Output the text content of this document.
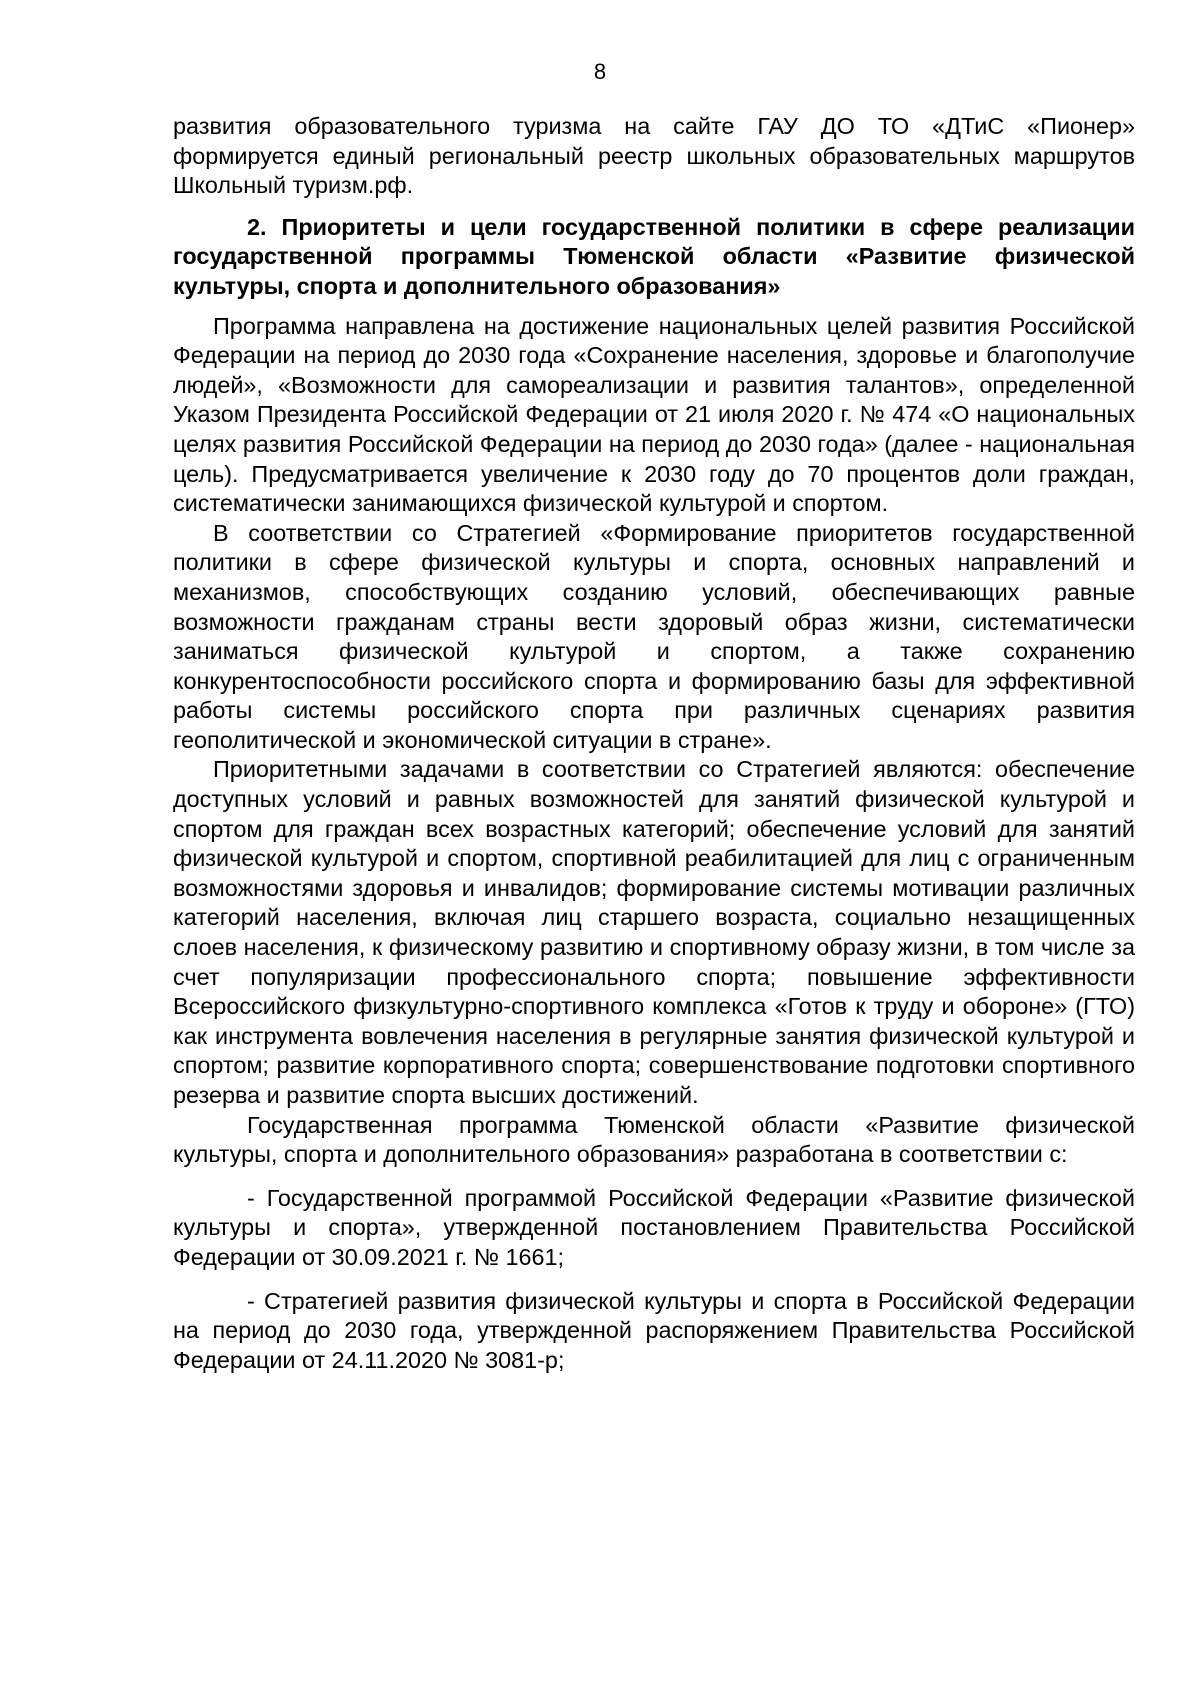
8

развития образовательного туризма на сайте ГАУ ДО ТО «ДТиС «Пионер» формируется единый региональный реестр школьных образовательных маршрутов Школьный туризм.рф.

2. Приоритеты и цели государственной политики в сфере реализации государственной программы Тюменской области «Развитие физической культуры, спорта и дополнительного образования»

Программа направлена на достижение национальных целей развития Российской Федерации на период до 2030 года «Сохранение населения, здоровье и благополучие людей», «Возможности для самореализации и развития талантов», определенной Указом Президента Российской Федерации от 21 июля 2020 г. № 474 «О национальных целях развития Российской Федерации на период до 2030 года» (далее - национальная цель). Предусматривается увеличение к 2030 году до 70 процентов доли граждан, систематически занимающихся физической культурой и спортом.

В соответствии со Стратегией «Формирование приоритетов государственной политики в сфере физической культуры и спорта, основных направлений и механизмов, способствующих созданию условий, обеспечивающих равные возможности гражданам страны вести здоровый образ жизни, систематически заниматься физической культурой и спортом, а также сохранению конкурентоспособности российского спорта и формированию базы для эффективной работы системы российского спорта при различных сценариях развития геополитической и экономической ситуации в стране».

Приоритетными задачами в соответствии со Стратегией являются: обеспечение доступных условий и равных возможностей для занятий физической культурой и спортом для граждан всех возрастных категорий; обеспечение условий для занятий физической культурой и спортом, спортивной реабилитацией для лиц с ограниченным возможностями здоровья и инвалидов; формирование системы мотивации различных категорий населения, включая лиц старшего возраста, социально незащищенных слоев населения, к физическому развитию и спортивному образу жизни, в том числе за счет популяризации профессионального спорта; повышение эффективности Всероссийского физкультурно-спортивного комплекса «Готов к труду и обороне» (ГТО) как инструмента вовлечения населения в регулярные занятия физической культурой и спортом; развитие корпоративного спорта; совершенствование подготовки спортивного резерва и развитие спорта высших достижений.

Государственная программа Тюменской области «Развитие физической культуры, спорта и дополнительного образования» разработана в соответствии с:

- Государственной программой Российской Федерации «Развитие физической культуры и спорта», утвержденной постановлением Правительства Российской Федерации от 30.09.2021 г. № 1661;

- Стратегией развития физической культуры и спорта в Российской Федерации на период до 2030 года, утвержденной распоряжением Правительства Российской Федерации от 24.11.2020 № 3081-р;
